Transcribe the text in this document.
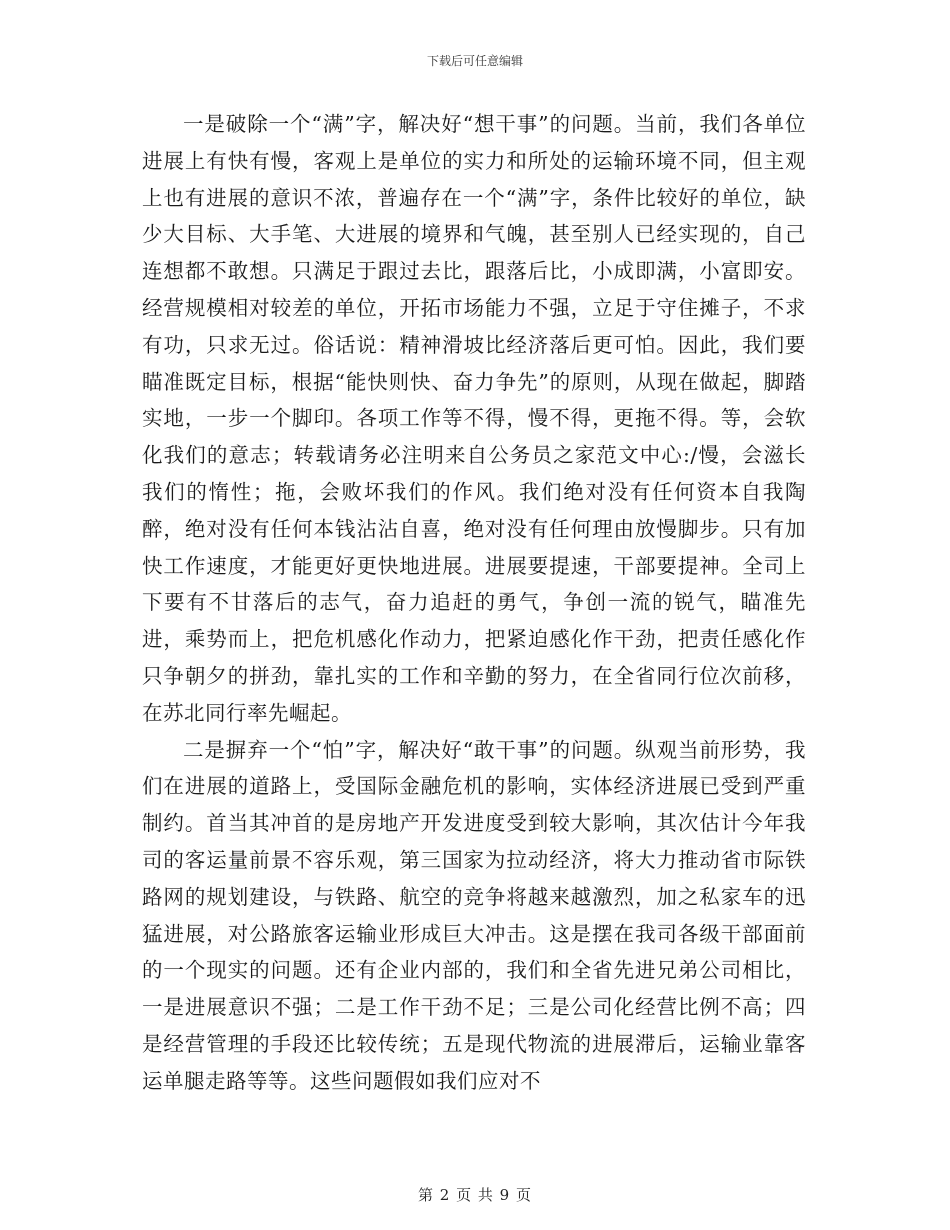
下载后可任意编辑

一是破除一个“满”字，解决好“想干事”的问题。当前，我们各单位进展上有快有慢，客观上是单位的实力和所处的运输环境不同，但主观上也有进展的意识不浓，普遍存在一个“满”字，条件比较好的单位，缺少大目标、大手笔、大进展的境界和气魄，甚至别人已经实现的，自己连想都不敢想。只满足于跟过去比，跟落后比，小成即满，小富即安。经营规模相对较差的单位，开拓市场能力不强，立足于守住摊子，不求有功，只求无过。俗话说：精神滑坡比经济落后更可怕。因此，我们要瞄准既定目标，根据“能快则快、奋力争先”的原则，从现在做起，脚踏实地，一步一个脚印。各项工作等不得，慢不得，更拖不得。等，会软化我们的意志；转载请务必注明来自公务员之家范文中心:/慢，会滋长我们的惰性；拖，会败坏我们的作风。我们绝对没有任何资本自我陶醉，绝对没有任何本钱沾沾自喜，绝对没有任何理由放慢脚步。只有加快工作速度，才能更好更快地进展。进展要提速，干部要提神。全司上下要有不甘落后的志气，奋力追赶的勇气，争创一流的锐气，瞄准先进，乘势而上，把危机感化作动力，把紧迫感化作干劲，把责任感化作只争朝夕的拼劲，靠扎实的工作和辛勤的努力，在全省同行位次前移，在苏北同行率先崛起。

二是摒弃一个“怕”字，解决好“敢干事”的问题。纵观当前形势，我们在进展的道路上，受国际金融危机的影响，实体经济进展已受到严重制约。首当其冲首的是房地产开发进度受到较大影响，其次估计今年我司的客运量前景不容乐观，第三国家为拉动经济，将大力推动省市际铁路网的规划建设，与铁路、航空的竞争将越来越激烈，加之私家车的迅猛进展，对公路旅客运输业形成巨大冲击。这是摆在我司各级干部面前的一个现实的问题。还有企业内部的，我们和全省先进兄弟公司相比，一是进展意识不强；二是工作干劲不足；三是公司化经营比例不高；四是经营管理的手段还比较传统；五是现代物流的进展滞后，运输业靠客运单腿走路等等。这些问题假如我们应对不

第 2 页 共 9 页
